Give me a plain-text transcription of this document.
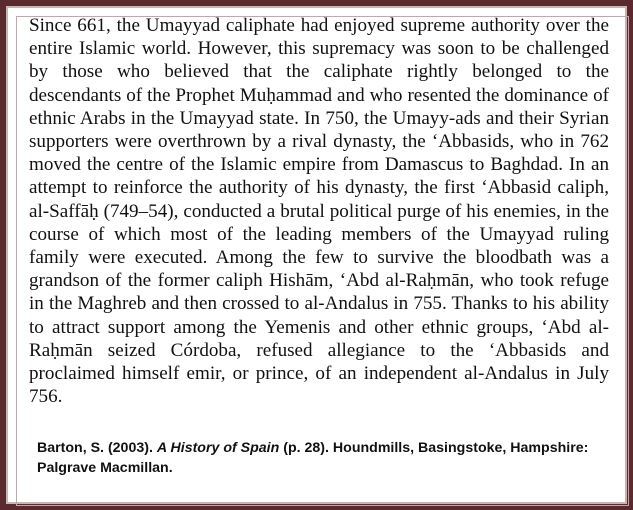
Since 661, the Umayyad caliphate had enjoyed supreme authority over the entire Islamic world. However, this supremacy was soon to be challenged by those who believed that the caliphate rightly belonged to the descendants of the Prophet Muḥammad and who resented the dominance of ethnic Arabs in the Umayyad state. In 750, the Umayy-ads and their Syrian supporters were overthrown by a rival dynasty, the ‘Abbasids, who in 762 moved the centre of the Islamic empire from Damascus to Baghdad. In an attempt to reinforce the authority of his dynasty, the first ‘Abbasid caliph, al-Saffāḥ (749–54), conducted a brutal political purge of his enemies, in the course of which most of the leading members of the Umayyad ruling family were executed. Among the few to survive the bloodbath was a grandson of the former caliph Hishām, ‘Abd al-Raḥmān, who took refuge in the Maghreb and then crossed to al-Andalus in 755. Thanks to his ability to attract support among the Yemenis and other ethnic groups, ‘Abd al-Raḥmān seized Córdoba, refused allegiance to the ‘Abbasids and proclaimed himself emir, or prince, of an independent al-Andalus in July 756.

Barton, S. (2003). A History of Spain (p. 28). Houndmills, Basingstoke, Hampshire: Palgrave Macmillan.
